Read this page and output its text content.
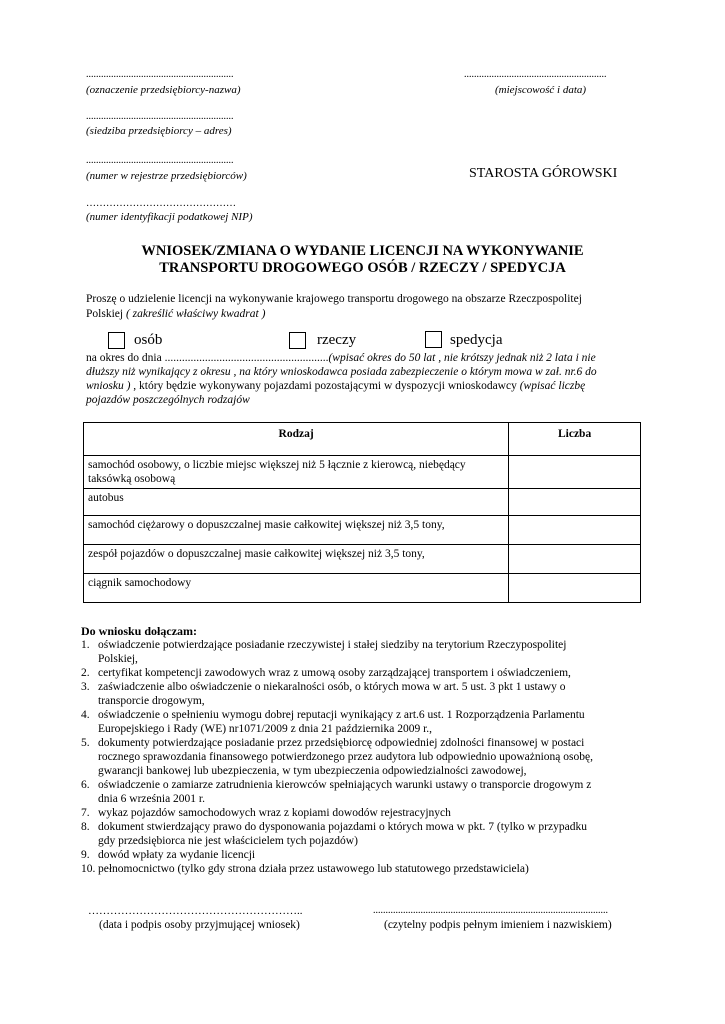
...........................................................
(oznaczenie przedsiębiorcy-nazwa)
.........................................................
(miejscowość i data)
...........................................................
(siedziba przedsiębiorcy – adres)
...........................................................
(numer w rejestrze przedsiębiorców)	STAROSTA GÓROWSKI
………………………………………
(numer identyfikacji podatkowej NIP)
WNIOSEK/ZMIANA O WYDANIE LICENCJI NA WYKONYWANIE
TRANSPORTU DROGOWEGO OSÓB / RZECZY / SPEDYCJA
Proszę o udzielenie licencji na wykonywanie krajowego transportu drogowego na obszarze Rzeczpospolitej
Polskiej ( zakreślić właściwy kwadrat )
osób	rzeczy	spedycja
na okres do dnia .........................................................(wpisać okres do 50 lat , nie krótszy jednak niż 2 lata i nie
dłuższy niż wynikający z okresu , na który wnioskodawca posiada zabezpieczenie o którym mowa w zał. nr.6 do
wniosku ) , który będzie wykonywany pojazdami pozostającymi w dyspozycji wnioskodawcy (wpisać liczbę
pojazdów poszczególnych rodzajów
Rodzaj	Liczba
samochód osobowy, o liczbie miejsc większej niż 5 łącznie z kierowcą, niebędący taksówką osobową	
autobus	
samochód ciężarowy o dopuszczalnej masie całkowitej większej niż 3,5 tony,	
zespół pojazdów o dopuszczalnej masie całkowitej większej niż 3,5 tony,	
ciągnik samochodowy	
Do wniosku dołączam:
1. oświadczenie potwierdzające posiadanie rzeczywistej i stałej siedziby na terytorium Rzeczypospolitej
Polskiej,
2. certyfikat kompetencji zawodowych wraz z umową osoby zarządzającej transportem i oświadczeniem,
3. zaświadczenie albo oświadczenie o niekaralności osób, o których mowa w art. 5 ust. 3 pkt 1 ustawy o
transporcie drogowym,
4. oświadczenie o spełnieniu wymogu dobrej reputacji wynikający z art.6 ust. 1 Rozporządzenia Parlamentu
Europejskiego i Rady (WE) nr1071/2009 z dnia 21 października 2009 r.,
5. dokumenty potwierdzające posiadanie przez przedsiębiorcę odpowiedniej zdolności finansowej w postaci
rocznego sprawozdania finansowego potwierdzonego przez audytora lub odpowiednio upoważnioną osobę,
gwarancji bankowej lub ubezpieczenia, w tym ubezpieczenia odpowiedzialności zawodowej,
6. oświadczenie o zamiarze zatrudnienia kierowców spełniających warunki ustawy o transporcie drogowym z
dnia 6 września 2001 r.
7. wykaz pojazdów samochodowych wraz z kopiami dowodów rejestracyjnych
8. dokument stwierdzający prawo do dysponowania pojazdami o których mowa w pkt. 7 (tylko w przypadku
gdy przedsiębiorca nie jest właścicielem tych pojazdów)
9. dowód wpłaty za wydanie licencji
10. pełnomocnictwo (tylko gdy strona działa przez ustawowego lub statutowego przedstawiciela)
…………………………………………………..
(data i podpis osoby przyjmującej wniosek)
..............................................................................................
(czytelny podpis pełnym imieniem i nazwiskiem)
